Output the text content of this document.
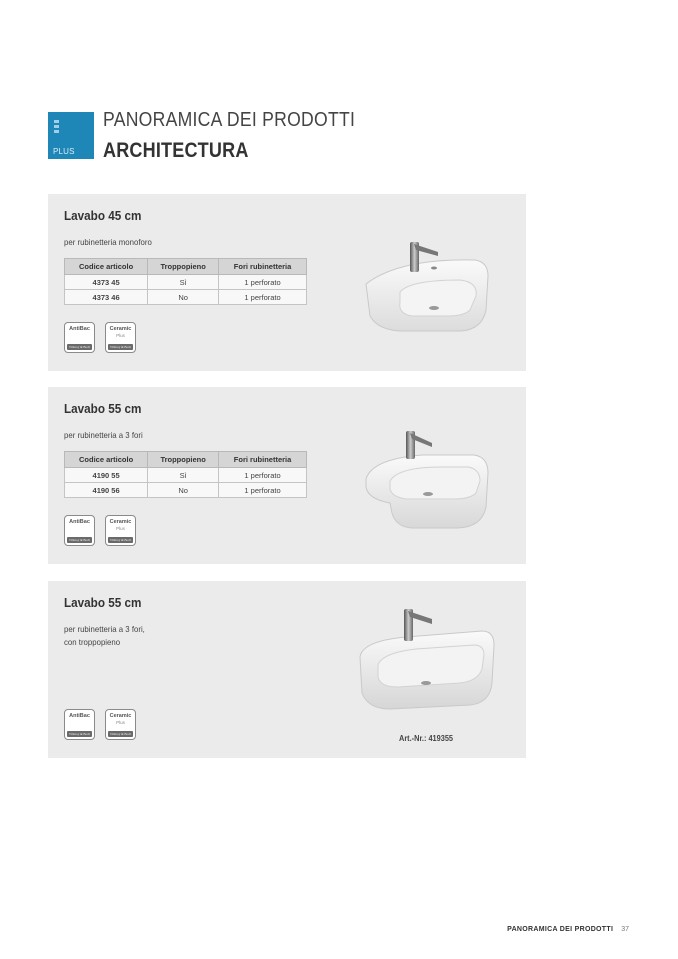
PLUS
PANORAMICA DEI PRODOTTI
ARCHITECTURA
Lavabo 45 cm
per rubinetteria monoforo
Codice articolo	Troppopieno	Fori rubinetteria
4373 45	Sì	1 perforato
4373 46	No	1 perforato
AntiBac
Villeroy & Boch
Ceramic
Plus
Villeroy & Boch
Lavabo 55 cm
per rubinetteria a 3 fori
Codice articolo	Troppopieno	Fori rubinetteria
4190 55	Sì	1 perforato
4190 56	No	1 perforato
AntiBac
Villeroy & Boch
Ceramic
Plus
Villeroy & Boch
Lavabo 55 cm
per rubinetteria a 3 fori,
con troppopieno
AntiBac
Villeroy & Boch
Ceramic
Plus
Villeroy & Boch	Art.-Nr.: 419355
PANORAMICA DEI PRODOTTI 37
